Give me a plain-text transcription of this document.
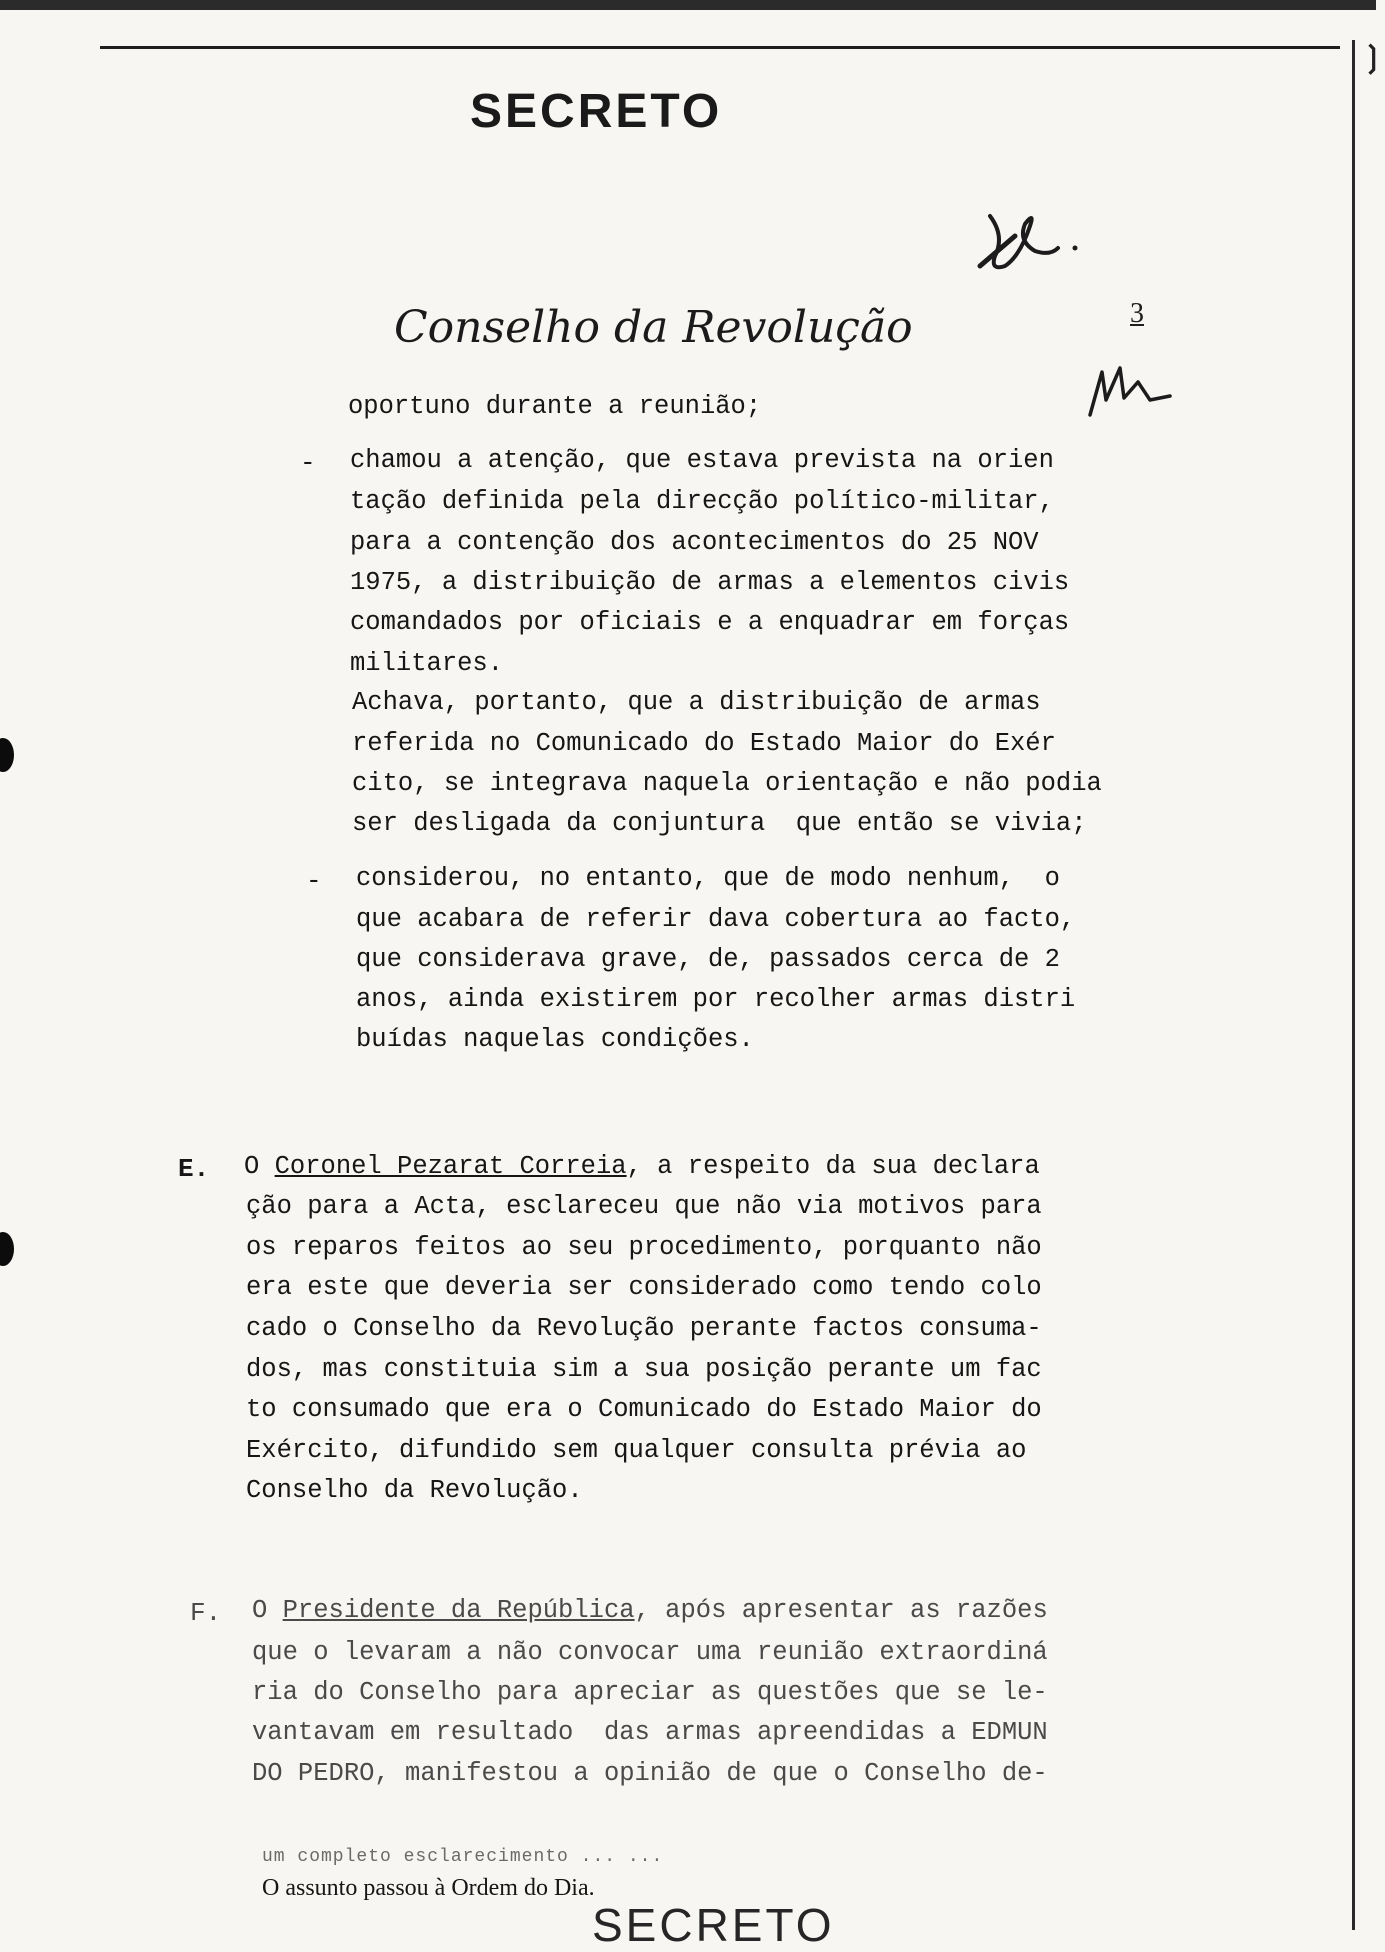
❳
SECRETO
Conselho da Revolução	3
oportuno durante a reunião;
- chamou a atenção, que estava prevista na orien
tação definida pela direcção político-militar,
para a contenção dos acontecimentos do 25 NOV
1975, a distribuição de armas a elementos civis
comandados por oficiais e a enquadrar em forças
militares.
Achava, portanto, que a distribuição de armas
referida no Comunicado do Estado Maior do Exér
cito, se integrava naquela orientação e não podia
ser desligada da conjuntura  que então se vivia;
- considerou, no entanto, que de modo nenhum,  o
que acabara de referir dava cobertura ao facto,
que considerava grave, de, passados cerca de 2
anos, ainda existirem por recolher armas distri
buídas naquelas condições.
E. O Coronel Pezarat Correia, a respeito da sua declara
ção para a Acta, esclareceu que não via motivos para
os reparos feitos ao seu procedimento, porquanto não
era este que deveria ser considerado como tendo colo
cado o Conselho da Revolução perante factos consuma-
dos, mas constituia sim a sua posição perante um fac
to consumado que era o Comunicado do Estado Maior do
Exército, difundido sem qualquer consulta prévia ao
Conselho da Revolução.
F. O Presidente da República, após apresentar as razões
que o levaram a não convocar uma reunião extraordiná
ria do Conselho para apreciar as questões que se le-
vantavam em resultado  das armas apreendidas a EDMUN
DO PEDRO, manifestou a opinião de que o Conselho de-
um completo esclarecimento ... ...
O assunto passou à Ordem do Dia.
SECRETO
